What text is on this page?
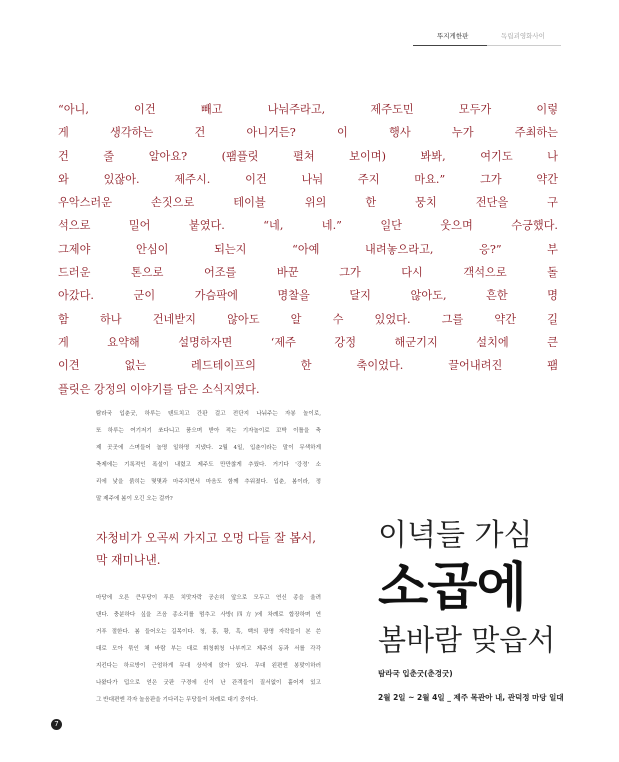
뚜지게한판	독립괴영화사이
“아니, 이건 빼고 나눠주라고, 제주도민 모두가 이렇
게 생각하는 건 아니거든? 이 행사 누가 주최하는
건 줄 알아요? (팸플릿 펼쳐 보이며) 봐봐, 여기도 나
와 있잖아. 제주시. 이건 나눠 주지 마요.” 그가 약간
우악스러운 손짓으로 테이블 위의 한 뭉치 전단을 구
석으로 밀어 붙였다. “네, 네.” 일단 웃으며 수긍했다.
그제야 안심이 되는지 “아예 내려놓으라고, 응?” 부
드러운 톤으로 어조를 바꾼 그가 다시 객석으로 돌
아갔다. 군이 가슴팍에 명찰을 달지 않아도, 흔한 명
함 하나 건네받지 않아도 알 수 있었다. 그를 약간 길
게 요약해 설명하자면 ‘제주 강정 해군기지 설치에 큰
이견 없는 레드테이프의 한 축이었다. 끌어내려진 팸
플릿은 강정의 이야기를 담은 소식지였다.
탐라국 입춘굿, 하루는 텐트치고 간판 걸고 전단지 나눠주는 자봉 놀이로,
또 하루는 여기저기 쏘다니고 품으며 받아 적는 기자놀이로 꼬박 이틀을 축
제 곳곳에 스며들어 놀명 일하명 지냈다. 2월 4일, 입춘이라는 말이 무색하게
축제에는 기록적인 폭설이 내렸고 제주도 만만찮게 추웠다. 거기다 '강정' 소
리에 낯을 붉히는 몇몇과 마주치면서 마음도 함께 추워졌다. 입춘, 봄이라, 정
말 제주에 봄이 오긴 오는 걸까?
자청비가 오곡씨 가지고 오멍 다들 잘 봅서,
막 재미나낸.
마당에 오른 큰무당이 푸른 치맛자락 공손히 앞으로 모두고 연신 종을 울려
댄다. 충분하다 싶을 즈음 종소리를 멈추고 사방(四方)에 차례로 합장하며 연
거푸 절한다. 봄 들어오는 길목이다. 청, 홍, 황, 흑, 백의 광명 자락들이 본 쓴
대로 모아 묶인 채 바람 부는 대로 휘청휘청 나부끼고 제주의 동과 서를 각각
지킨다는 하르방이 근엄하게 무대 상석에 앉아 있다. 무대 왼편엔 봉맞이하러
나왔다가 덥으로 얻은 굿판 구경에 신이 난 관객들이 질서없이 흩어져 있고
그 반대편엔 각자 놀음판을 기다리는 무당들이 차례로 대기 중이다.
이녁들 가심
소곱에
봄바람 맞읍서
탐라국 입춘굿(춘경굿)
2월 2일 ~ 2월 4일 _ 제주 목관아 내, 관덕정 마당 일대
7
